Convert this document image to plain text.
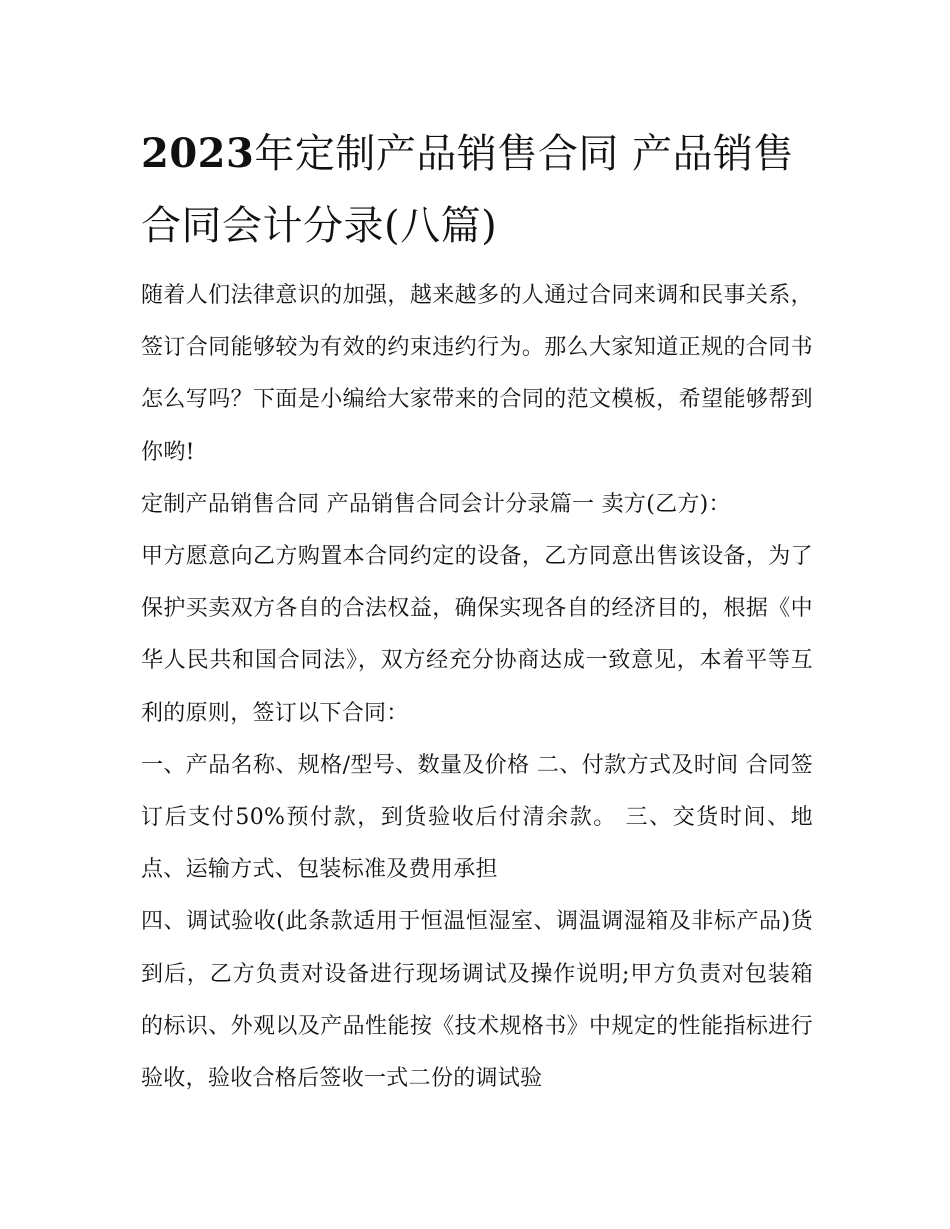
2023年定制产品销售合同 产品销售合同会计分录(八篇)

随着人们法律意识的加强，越来越多的人通过合同来调和民事关系，签订合同能够较为有效的约束违约行为。那么大家知道正规的合同书怎么写吗？下面是小编给大家带来的合同的范文模板，希望能够帮到你哟!

定制产品销售合同 产品销售合同会计分录篇一 卖方(乙方)：

甲方愿意向乙方购置本合同约定的设备，乙方同意出售该设备，为了保护买卖双方各自的合法权益，确保实现各自的经济目的，根据《中华人民共和国合同法》，双方经充分协商达成一致意见，本着平等互利的原则，签订以下合同：

一、产品名称、规格/型号、数量及价格 二、付款方式及时间 合同签订后支付50%预付款，到货验收后付清余款。 三、交货时间、地点、运输方式、包装标准及费用承担

四、调试验收(此条款适用于恒温恒湿室、调温调湿箱及非标产品)货到后，乙方负责对设备进行现场调试及操作说明;甲方负责对包装箱的标识、外观以及产品性能按《技术规格书》中规定的性能指标进行验收，验收合格后签收一式二份的调试验
